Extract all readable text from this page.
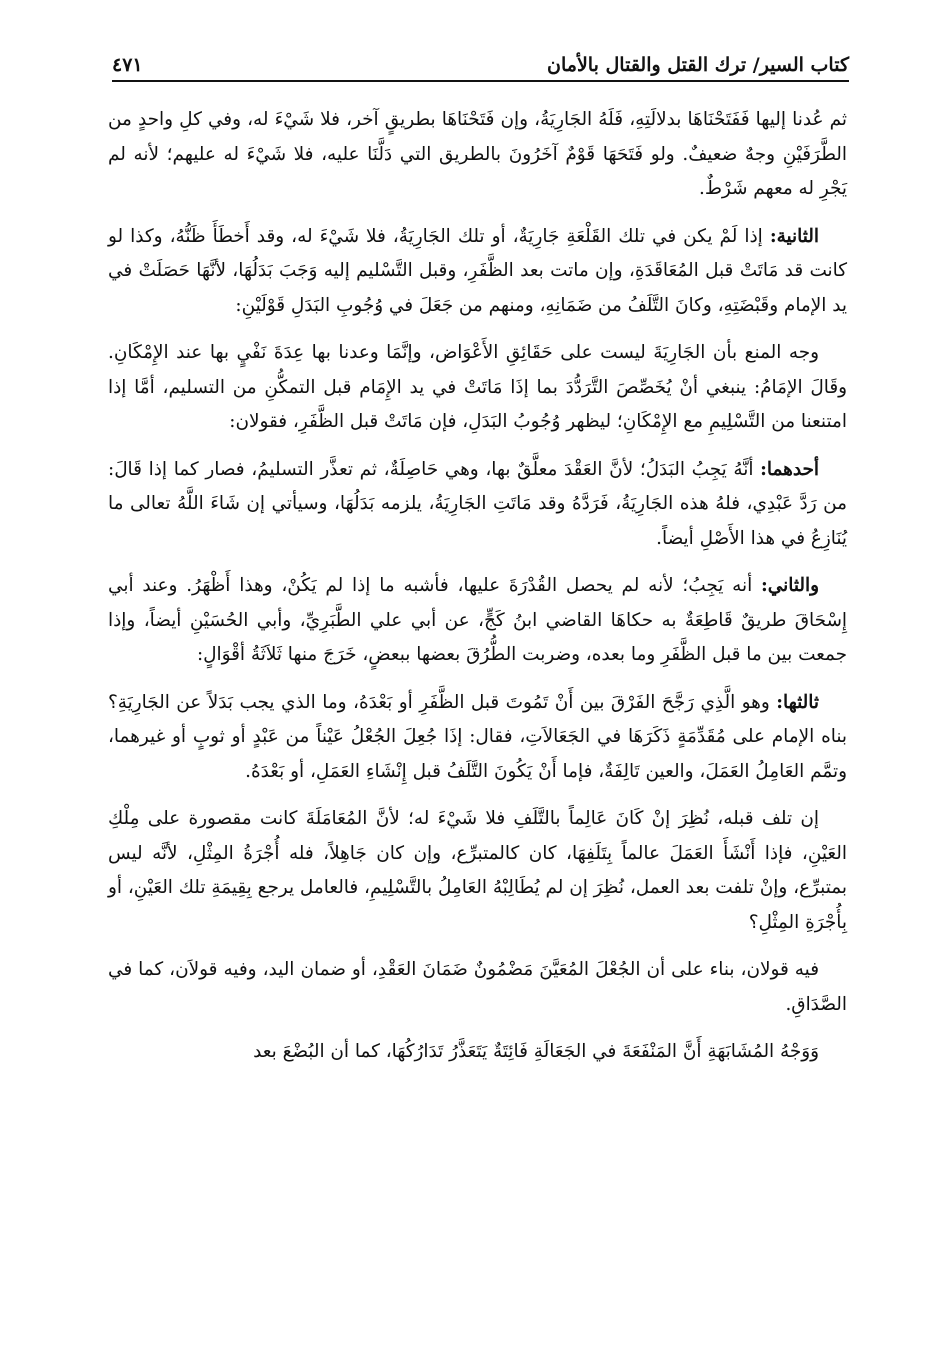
كتاب السير/ ترك القتل والقتال بالأمان
٤٧١

ثم عُدنا إليها فَفَتَحْنَاهَا بدلالَتِهِ، فَلَهُ الجَارِيَةُ، وإن فَتَحْنَاهَا بطريقٍ آخر، فلا شَيْءَ له، وفي كلِ واحدٍ من الطَّرَفَيْنِ وجهٌ ضعيفٌ. ولو فَتَحَهَا قَوْمٌ آخَرُونَ بالطريق التي دَلَّنَا عليه، فلا شَيْءَ له عليهم؛ لأنه لم يَجْرِ له معهم شَرْطٌ.

الثانية: إذا لَمْ يكن في تلك القَلْعَةِ جَارِيَةٌ، أو تلك الجَارِيَةُ، فلا شَيْءَ له، وقد أَخطَأَ ظَنُّهُ، وكذا لو كانت قد مَاتَتْ قبل المُعَاقَدَةِ، وإن ماتت بعد الظَّفَرِ، وقبل التَّسْليم إليه وَجَبَ بَدَلُهَا، لأنَّهَا حَصَلَتْ في يد الإمام وقَبْضَتِهِ، وكانَ التَّلَفُ من ضَمَانِهِ، ومنهم من جَعَلَ في وُجُوبِ البَدَلِ قَوْلَيْنِ:

وجه المنع بأن الجَارِيَةَ ليست على حَقَائِقِ الأَعْوَاض، وإنَّمَا وعدنا بها عِدَةَ نَفْيٍ بها عند الإِمْكَانِ. وقَالَ الإمَامُ: ينبغي أنْ يُخَصِّصَ التَّرَدُّدَ بما إذَا مَاتَتْ في يد الإِمَام قبل التمكُّنِ من التسليم، أمَّا إذا امتنعنا من التَّسْلِيمِ مع الإِمْكَانِ؛ ليظهر وُجُوبُ البَدَلِ، فإن مَاتَتْ قبل الظَّفَرِ، فقولان:

أحدهما: أنَّهُ يَجِبُ البَدَلُ؛ لأنَّ العَقْدَ معلَّقٌ بها، وهي حَاصِلَةٌ، ثم تعذَّر التسليمُ، فصار كما إذا قَالَ: من رَدَّ عَبْدِي، فلهُ هذه الجَارِيَةُ، فَرَدَّهُ وقد مَاتَتِ الجَارِيَةُ، يلزمه بَدَلُهَا، وسيأتي إن شَاءَ اللَّهُ تعالى ما يُنَازِعُ في هذا الأَصْلِ أيضاً.

والثاني: أنه يَجِبُ؛ لأنه لم يحصل القُدْرَةَ عليها، فأشبه ما إذا لم يَكُنْ، وهذا أَظْهَرُ. وعند أبي إِسْحَاقَ طريقٌ قَاطِعَةٌ به حكاهَا القاضي ابنُ كَجٍّ، عن أبي علي الطَّبَرِيِّ، وأبي الحُسَيْنِ أيضاً، وإذا جمعت بين ما قبل الظَّفَرِ وما بعده، وضربت الطُّرُقَ بعضها ببعضٍ، خَرَجَ منها ثَلاَثَةُ أقْوَالٍ:

ثالثها: وهو الَّذِي رَجَّحَ الفَرْقَ بين أَنْ تَمُوتَ قبل الظَّفَرِ أو بَعْدَهُ، وما الذي يجب بَدَلاً عن الجَارِيَةِ؟ بناه الإمام على مُقَدِّمَةٍ ذَكَرَهَا في الجَعَالاَتِ، فقال: إذَا جُعِلَ الجُعْلُ عَيْناً من عَبْدٍ أو ثوبٍ أو غيرهما، وتمَّم العَامِلُ العَمَلَ، والعين تَالِفَةٌ، فإما أَنْ يَكُونَ التَّلَفُ قبل إِنْشَاءِ العَمَلِ، أو بَعْدَهُ.

إن تلف قبله، نُظِرَ إنْ كَانَ عَالِماً بالتَّلَفِ فلا شَيْءَ له؛ لأنَّ المُعَامَلَةَ كانت مقصورة على مِلْكِ العَيْنِ، فإذا أَنْشَأَ العَمَلَ عالماً بِتَلَفِهَا، كان كالمتبرِّع، وإن كان جَاهِلاً، فله أُجْرَةُ المِثْلِ، لأنَّه ليس بمتبرِّع، وإنْ تلفت بعد العمل، نُظِرَ إن لم يُطَالِبْهُ العَامِلُ بالتَّسْلِيمِ، فالعامل يرجع بِقِيمَةِ تلك العَيْنِ، أو بِأُجْرَةِ المِثْلِ؟

فيه قولان، بناء على أن الجُعْلَ المُعَيَّنَ مَضْمُونٌ ضَمَانَ العَقْدِ، أو ضمان اليد، وفيه قولاَن، كما في الصَّدَاقِ.

وَوَجْهُ المُشَابَهَةِ أَنَّ المَنْفَعَةَ في الجَعَالَةِ فَائِتَةٌ يَتَعَذَّرُ تَدَارُكُهَا، كما أن البُضْعَ بعد
